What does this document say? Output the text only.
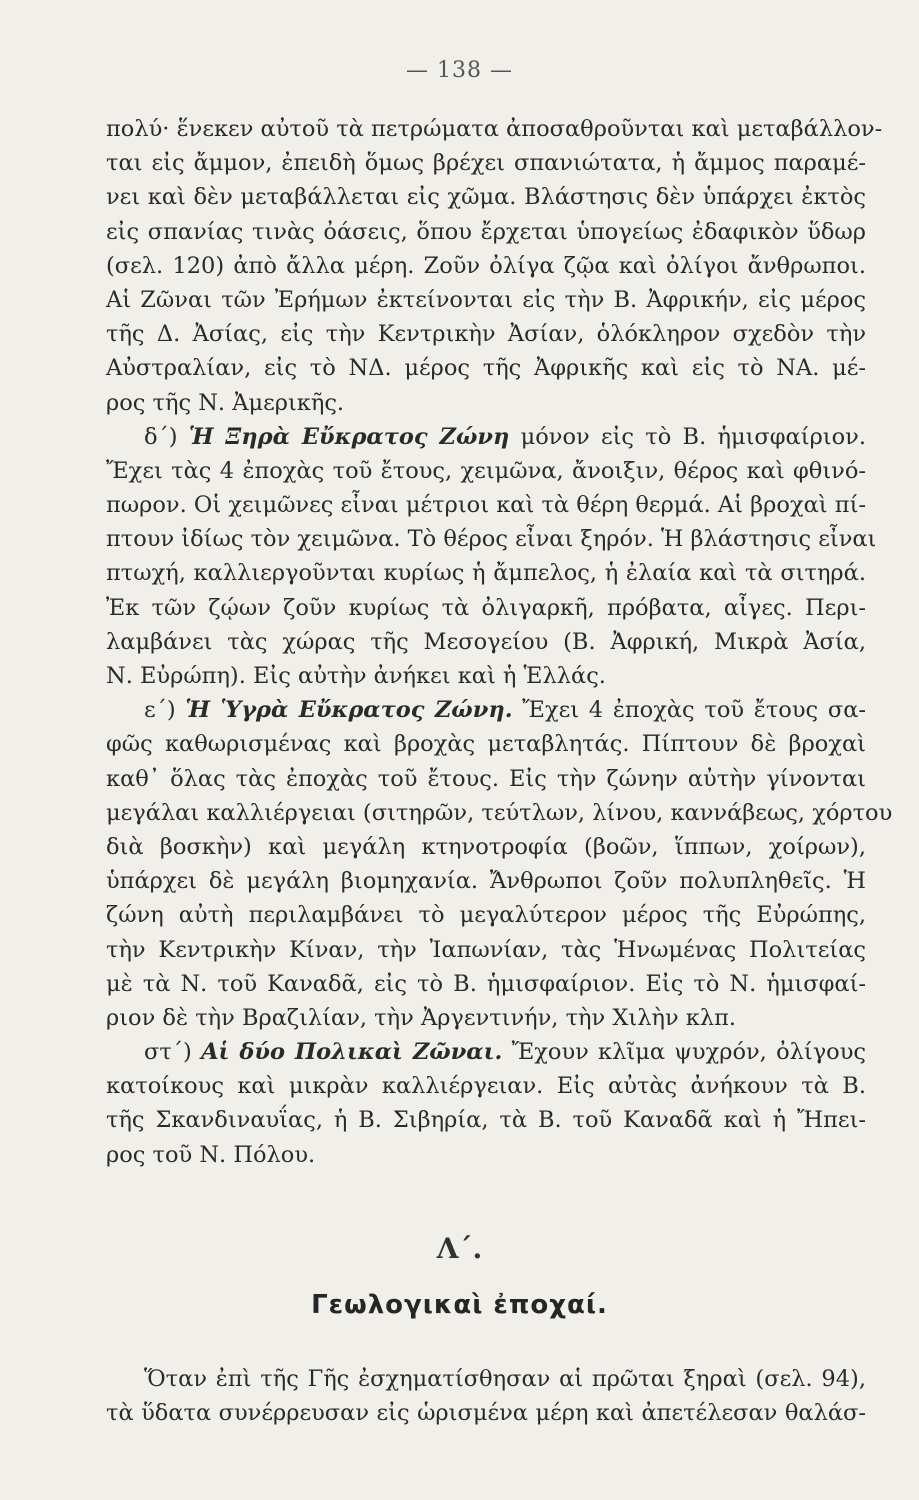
— 138 —
πολύ· ἕνεκεν αὐτοῦ τὰ πετρώματα ἀποσαθροῦνται καὶ μεταβάλλον-
ται εἰς ἄμμον, ἐπειδὴ ὅμως βρέχει σπανιώτατα, ἡ ἄμμος παραμέ-
νει καὶ δὲν μεταβάλλεται εἰς χῶμα. Βλάστησις δὲν ὑπάρχει ἐκτὸς
εἰς σπανίας τινὰς ὀάσεις, ὅπου ἔρχεται ὑπογείως ἐδαφικὸν ὕδωρ
(σελ. 120) ἀπὸ ἄλλα μέρη. Ζοῦν ὀλίγα ζῷα καὶ ὀλίγοι ἄνθρωποι.
Αἱ Ζῶναι τῶν Ἐρήμων ἐκτείνονται εἰς τὴν Β. Ἀφρικήν, εἰς μέρος
τῆς Δ. Ἀσίας, εἰς τὴν Κεντρικὴν Ἀσίαν, ὁλόκληρον σχεδὸν τὴν
Αὐστραλίαν, εἰς τὸ ΝΔ. μέρος τῆς Ἀφρικῆς καὶ εἰς τὸ ΝΑ. μέ-
ρος τῆς Ν. Ἀμερικῆς.
δ´) Ἡ Ξηρὰ Εὔκρατος Ζώνη μόνον εἰς τὸ Β. ἡμισφαίριον.
Ἔχει τὰς 4 ἐποχὰς τοῦ ἔτους, χειμῶνα, ἄνοιξιν, θέρος καὶ φθινό-
πωρον. Οἱ χειμῶνες εἶναι μέτριοι καὶ τὰ θέρη θερμά. Αἱ βροχαὶ πί-
πτουν ἰδίως τὸν χειμῶνα. Τὸ θέρος εἶναι ξηρόν. Ἡ βλάστησις εἶναι
πτωχή, καλλιεργοῦνται κυρίως ἡ ἄμπελος, ἡ ἐλαία καὶ τὰ σιτηρά.
Ἐκ τῶν ζῴων ζοῦν κυρίως τὰ ὀλιγαρκῆ, πρόβατα, αἶγες. Περι-
λαμβάνει τὰς χώρας τῆς Μεσογείου (Β. Ἀφρική, Μικρὰ Ἀσία,
Ν. Εὐρώπη). Εἰς αὐτὴν ἀνήκει καὶ ἡ Ἑλλάς.
ε´) Ἡ Ὑγρὰ Εὔκρατος Ζώνη. Ἔχει 4 ἐποχὰς τοῦ ἔτους σα-
φῶς καθωρισμένας καὶ βροχὰς μεταβλητάς. Πίπτουν δὲ βροχαὶ
καθ᾿ ὅλας τὰς ἐποχὰς τοῦ ἔτους. Εἰς τὴν ζώνην αὐτὴν γίνονται
μεγάλαι καλλιέργειαι (σιτηρῶν, τεύτλων, λίνου, καννάβεως, χόρτου
διὰ βοσκὴν) καὶ μεγάλη κτηνοτροφία (βοῶν, ἵππων, χοίρων),
ὑπάρχει δὲ μεγάλη βιομηχανία. Ἄνθρωποι ζοῦν πολυπληθεῖς. Ἡ
ζώνη αὐτὴ περιλαμβάνει τὸ μεγαλύτερον μέρος τῆς Εὐρώπης,
τὴν Κεντρικὴν Κίναν, τὴν Ἰαπωνίαν, τὰς Ἡνωμένας Πολιτείας
μὲ τὰ Ν. τοῦ Καναδᾶ, εἰς τὸ Β. ἡμισφαίριον. Εἰς τὸ Ν. ἡμισφαί-
ριον δὲ τὴν Βραζιλίαν, τὴν Ἀργεντινήν, τὴν Χιλὴν κλπ.
στ´) Αἱ δύο Πολικαὶ Ζῶναι. Ἔχουν κλῖμα ψυχρόν, ὀλίγους
κατοίκους καὶ μικρὰν καλλιέργειαν. Εἰς αὐτὰς ἀνήκουν τὰ Β.
τῆς Σκανδιναυΐας, ἡ Β. Σιβηρία, τὰ Β. τοῦ Καναδᾶ καὶ ἡ Ἤπει-
ρος τοῦ Ν. Πόλου.
Λ´.
Γεωλογικαὶ ἐποχαί.
Ὅταν ἐπὶ τῆς Γῆς ἐσχηματίσθησαν αἱ πρῶται ξηραὶ (σελ. 94),
τὰ ὕδατα συνέρρευσαν εἰς ὡρισμένα μέρη καὶ ἀπετέλεσαν θαλάσ-
